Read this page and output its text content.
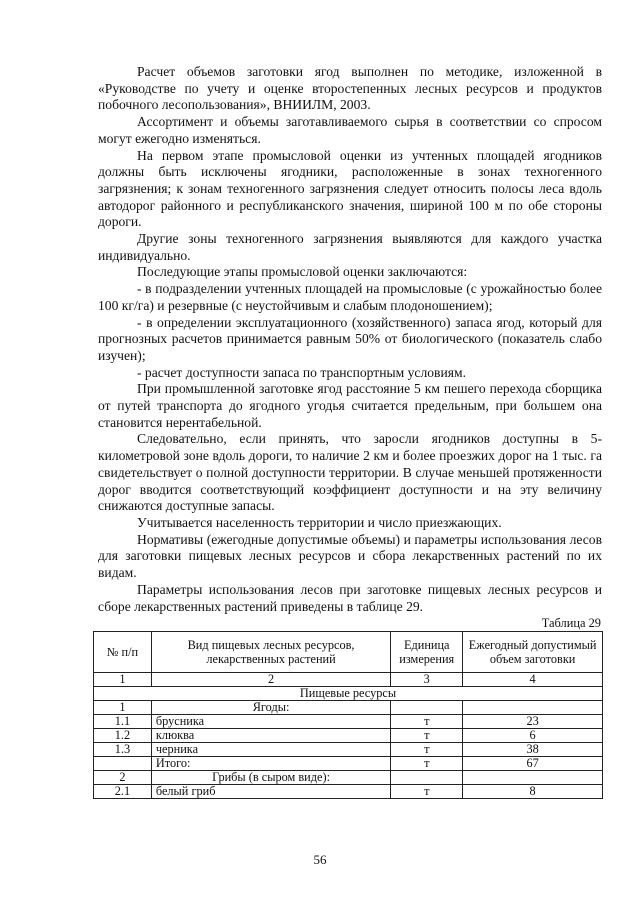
Расчет объемов заготовки ягод выполнен по методике, изложенной в «Руководстве по учету и оценке второстепенных лесных ресурсов и продуктов побочного лесопользования», ВНИИЛМ, 2003.

Ассортимент и объемы заготавливаемого сырья в соответствии со спросом могут ежегодно изменяться.

На первом этапе промысловой оценки из учтенных площадей ягодников должны быть исключены ягодники, расположенные в зонах техногенного загрязнения; к зонам техногенного загрязнения следует относить полосы леса вдоль автодорог районного и республиканского значения, шириной 100 м по обе стороны дороги.

Другие зоны техногенного загрязнения выявляются для каждого участка индивидуально.

Последующие этапы промысловой оценки заключаются:

- в подразделении учтенных площадей на промысловые (с урожайностью более 100 кг/га) и резервные (с неустойчивым и слабым плодоношением);

- в определении эксплуатационного (хозяйственного) запаса ягод, который для прогнозных расчетов принимается равным 50% от биологического (показатель слабо изучен);

- расчет доступности запаса по транспортным условиям.

При промышленной заготовке ягод расстояние 5 км пешего перехода сборщика от путей транспорта до ягодного угодья считается предельным, при большем она становится нерентабельной.

Следовательно, если принять, что заросли ягодников доступны в 5-километровой зоне вдоль дороги, то наличие 2 км и более проезжих дорог на 1 тыс. га свидетельствует о полной доступности территории. В случае меньшей протяженности дорог вводится соответствующий коэффициент доступности и на эту величину снижаются доступные запасы.

Учитывается населенность территории и число приезжающих.

Нормативы (ежегодные допустимые объемы) и параметры использования лесов для заготовки пищевых лесных ресурсов и сбора лекарственных растений по их видам.

Параметры использования лесов при заготовке пищевых лесных ресурсов и сборе лекарственных растений приведены в таблице 29.

Таблица 29
№ п/п	Вид пищевых лесных ресурсов, лекарственных растений	Единица измерения	Ежегодный допустимый объем заготовки
1	2	3	4
Пищевые ресурсы			
1	Ягоды:		
1.1	брусника	т	23
1.2	клюква	т	6
1.3	черника	т	38
	Итого:	т	67
2	Грибы (в сыром виде):		
2.1	белый гриб	т	8
56
